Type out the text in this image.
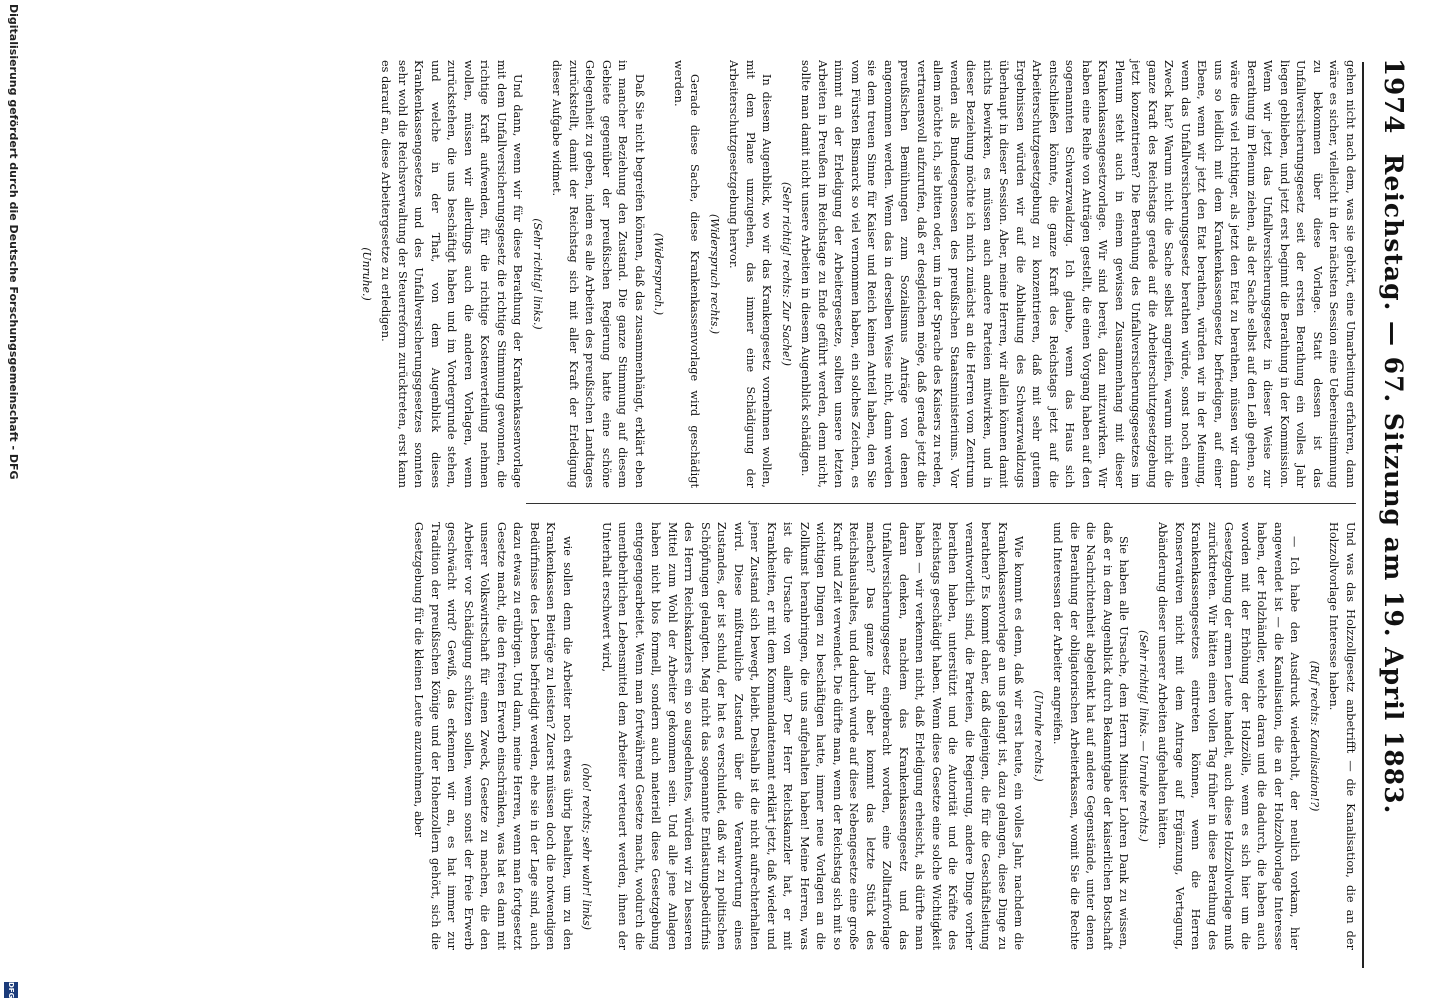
1974
Reichstag. — 67. Sitzung am 19. April 1883.

gehen nicht nach dem, was sie gehört, eine Umarbeitung erfahren, dann wäre es sicher, vielleicht in der nächsten Session eine Uebereinstimmung zu bekommen über diese Vorlage. Statt dessen ist das Unfallversicherungsgesetz seit der ersten Berathung ein volles Jahr liegen geblieben, und jetzt erst beginnt die Berathung in der Kommission. Wenn wir jetzt das Unfallversicherungsgesetz in dieser Weise zur Berathung im Plenum ziehen, als der Sache selbst auf den Leib gehen, so wäre dies viel richtiger, als jetzt den Etat zu berathen, müssen wir dann uns so leidlich mit dem Krankenkassengesetz befriedigen, auf einer Ebene, wenn wir jetzt den Etat berathen, würden wir in der Meinung, wenn das Unfallversicherungsgesetz berathen würde, sonst noch einen Zweck hat? Warum nicht die Sache selbst angreifen, warum nicht die ganze Kraft des Reichstags gerade auf die Arbeiterschutzgesetzgebung jetzt konzentrieren? Die Berathung des Unfallversicherungsgesetzes im Plenum steht auch in einem gewissen Zusammenhang mit dieser Krankenkassengesetzvorlage. Wir sind bereit, dazu mitzuwirken. Wir haben eine Reihe von Anträgen gestellt, die einen Vorgang haben auf den sogenannten Schwarzwaldzug. Ich glaube, wenn das Haus sich entschließen könnte, die ganze Kraft des Reichstags jetzt auf die Arbeiterschutzgesetzgebung zu konzentrieren, daß mit sehr gutem Ergebnissen würden wir auf die Abhaltung des Schwarzwaldzugs überhaupt in dieser Session. Aber, meine Herren, wir allein können damit nichts bewirken, es müssen auch andere Parteien mitwirken, und in dieser Beziehung möchte ich mich zunächst an die Herren vom Zentrum wenden als Bundesgenossen des preußischen Staatsministeriums. Vor allem möchte ich, sie bitten oder, um in der Sprache des Kaisers zu reden, vertrauensvoll aufzurufen, daß er desgleichen möge, daß gerade jetzt die preußischen Bemühungen zum Sozialismus Anträge von denen angenommen werden. Wenn das in derselben Weise nicht, dann werden sie dem treuen Sinne für Kaiser und Reich keinen Anteil haben, den Sie vom Fürsten Bismarck so viel vernommen haben, ein solches Zeichen, es nimmt an der Erledigung der Arbeitergesetze, sollten unsere letzten Arbeiten in Preußen im Reichstage zu Ende geführt werden, denn nicht, sollte man damit nicht unsere Arbeiten in diesem Augenblick schädigen.

(Sehr richtig! rechts: Zur Sache!)

In diesem Augenblick, wo wir das Krankengesetz vornehmen wollen, mit dem Plane umzugehen, das immer eine Schädigung der Arbeiterschutzgesetzgebung hervor.

(Widerspruch rechts.)

Gerade diese Sache, diese Krankenkassenvorlage wird geschädigt werden.

(Widerspruch.)

Daß Sie nicht begreifen können, daß das zusammenhängt, erklärt eben in mancher Beziehung den Zustand. Die ganze Stimmung auf diesem Gebiete gegenüber der preußischen Regierung hatte eine schöne Gelegenheit zu geben, indem es alle Arbeiten des preußischen Landtages zurückstellt, damit der Reichstag sich mit aller Kraft der Erledigung dieser Aufgabe widmet.

(Sehr richtig! links.)

Und dann, wenn wir für diese Berathung der Krankenkassenvorlage mit dem Unfallversicherungsgesetz die richtige Stimmung gewonnen, die richtige Kraft aufwenden, für die richtige Kostenverteilung nehmen wollen, müssen wir allerdings auch die anderen Vorlagen, wenn zurückstehen, die uns beschäftigt haben und im Vordergrunde stehen, und welche in der That, von dem Augenblick dieses Krankenkassengesetzes und des Unfallversicherungsgesetzes sonnten sehr wohl die Reichsverwaltung der Steuerreform zurücktreten, erst kann es darauf an, diese Arbeitergesetze zu erledigen.

(Unruhe.)

Und was das Holzzollgesetz anbetrifft — die Kanalisation, die an der Holzzollvorlage Interesse haben.

(Ruf rechts: Kanalisation!?)

— Ich habe den Ausdruck wiederholt, der neulich vorkam, hier angewendet ist — die Kanalisation, die an der Holzzollvorlage Interesse haben, der Holzhändler, welche daran und die dadurch, die haben auch worden mit der Erhöhung der Holzzölle, wenn es sich hier um die Gesetzgebung der armen Leute handelt, auch diese Holzzollvorlage muß zurücktreten. Wir hätten einen vollen Tag früher in diese Berathung des Krankenkassengesetzes eintreten können, wenn die Herren Konservativen nicht mit dem Antrage auf Ergänzung, Vertagung, Abänderung dieser unserer Arbeiten aufgehalten hätten.

(Sehr richtig! links. — Unruhe rechts.)

Sie haben alle Ursache, dem Herrn Minister Lohren Dank zu wissen, daß er in dem Augenblick durch Bekanntgabe der kaiserlichen Botschaft die Nachrichtenheit abgelenkt hat auf andere Gegenstände, unter denen die Berathung der obligatorischen Arbeiterkassen, womit Sie die Rechte und Interessen der Arbeiter angreifen.

(Unruhe rechts.)

Wie kommt es denn, daß wir erst heute, ein volles Jahr, nachdem die Krankenkassenvorlage an uns gelangt ist, dazu gelangen, diese Dinge zu berathen? Es kommt daher, daß diejenigen, die für die Geschäftsleitung verantwortlich sind, die Parteien, die Regierung, andere Dinge vorher berathen haben, unterstützt und die Autorität und die Kräfte des Reichstags geschädigt haben. Wenn diese Gesetze eine solche Wichtigkeit haben — wir verkennen nicht, daß Erledigung erheischt, als dürfte man daran denken, nachdem das Krankenkassengesetz und das Unfallversicherungsgesetz eingebracht worden, eine Zolltarifvorlage machen? Das ganze Jahr aber kommt das letzte Stück des Reichshaushaltes, und dadurch wurde auf diese Nebengesetze eine große Kraft und Zeit verwendet. Die dürfte man, wenn der Reichstag sich mit so wichtigen Dingen zu beschäftigen hatte, immer neue Vorlagen an die Zollkunst heranbringen, die uns aufgehalten haben! Meine Herren, was ist die Ursache von allem? Der Herr Reichskanzler hat, er mit Krankheiten, er mit dem Kommandantenamt erklärt jetzt, daß wieder und jener Zustand sich bewegt, bleibt. Deshalb ist die nicht aufrechterhalten wird. Diese mißtrauliche Zustand über die Verantwortung eines Zustandes, der ist schuld, der hat es verschuldet, daß wir zu politischen Schöpfungen gelangten. Mag nicht das sogenannte Entlastungsbedürfnis des Herrn Reichskanzlers ein so ausgedehntes, würden wir zu besseren Mittel zum Wohl der Arbeiter gekommen sein. Und alle jene Anlagen haben nicht blos formell, sondern auch materiell diese Gesetzgebung entgegengearbeitet. Wenn man fortwährend Gesetze macht, wodurch die unentbehrlichen Lebensmittel dem Arbeiter verteuert werden, ihnen der Unterhalt erschwert wird,

(oho! rechts; sehr wahr! links)

wie sollen denn die Arbeiter noch etwas übrig behalten, um zu den Krankenkassen Beiträge zu leisten? Zuerst müssen doch die notwendigen Bedürfnisse des Lebens befriedigt werden, ehe sie in der Lage sind, auch dazu etwas zu erübrigen. Und dann, meine Herren, wenn man fortgesetzt Gesetze macht, die den freien Erwerb einschränken, was hat es dann mit unserer Volkswirtschaft für einen Zweck, Gesetze zu machen, die den Arbeiter vor Schädigung schützen sollen, wenn sonst der freie Erwerb geschwächt wird? Gewiß, das erkennen wir an, es hat immer zur Tradition der preußischen Könige und der Hohenzollern gehört, sich die Gesetzgebung für die kleinen Leute anzunehmen, aber

Digitalisierung gefördert durch die Deutsche Forschungsgemeinschaft - DFG
DFG
